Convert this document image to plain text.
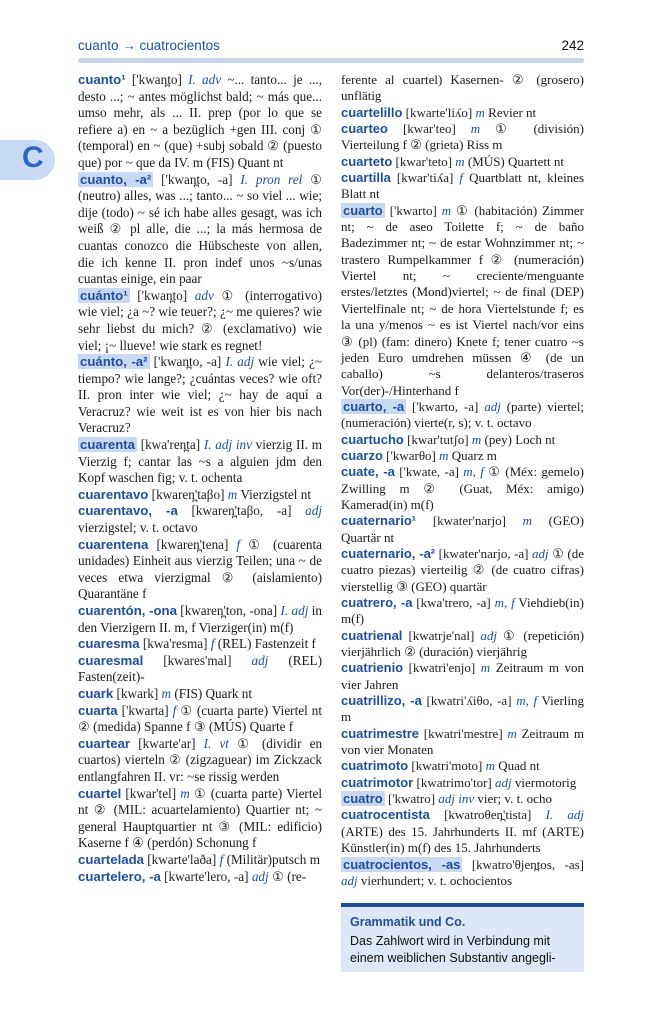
cuanto → cuatrocientos	242
C

cuanto¹ ['kwan̪to] I. adv ~... tanto... je ..., desto ...; ~ antes möglichst bald; ~ más que... umso mehr, als ... II. prep (por lo que se refiere a) en ~ a bezüglich +gen III. conj ① (temporal) en ~ (que) +subj sobald ② (puesto que) por ~ que da IV. m (FIS) Quant nt

cuanto, -a² ['kwan̪to, -a] I. pron rel ① (neutro) alles, was ...; tanto... ~ so viel ... wie; dije (todo) ~ sé ich habe alles gesagt, was ich weiß ② pl alle, die ...; la más hermosa de cuantas conozco die Hübscheste von allen, die ich kenne II. pron indef unos ~s/unas cuantas einige, ein paar

cuánto¹ ['kwan̪to] adv ① (interrogativo) wie viel; ¿a ~? wie teuer?; ¿~ me quieres? wie sehr liebst du mich? ② (exclamativo) wie viel; ¡~ llueve! wie stark es regnet!

cuánto, -a² ['kwan̪to, -a] I. adj wie viel; ¿~ tiempo? wie lange?; ¿cuántas veces? wie oft? II. pron inter wie viel; ¿~ hay de aquí a Veracruz? wie weit ist es von hier bis nach Veracruz?

cuarenta [kwa'ren̪ta] I. adj inv vierzig II. m Vierzig f; cantar las ~s a alguien jdm den Kopf waschen fig; v. t. ochenta

cuarentavo [kwaren̪'taβo] m Vierzigstel nt

cuarentavo, -a [kwaren̪'taβo, -a] adj vierzigstel; v. t. octavo

cuarentena [kwaren̪'tena] f ① (cuarenta unidades) Einheit aus vierzig Teilen; una ~ de veces etwa vierzigmal ② (aislamiento) Quarantäne f

cuarentón, -ona [kwaren̪'ton, -ona] I. adj in den Vierzigern II. m, f Vierziger(in) m(f)

cuaresma [kwa'resma] f (REL) Fastenzeit f

cuaresmal [kwares'mal] adj (REL) Fasten(zeit)-

cuark [kwark] m (FIS) Quark nt

cuarta ['kwarta] f ① (cuarta parte) Viertel nt ② (medida) Spanne f ③ (MÚS) Quarte f

cuartear [kwarte'ar] I. vt ① (dividir en cuartos) vierteln ② (zigzaguear) im Zickzack entlangfahren II. vr: ~se rissig werden

cuartel [kwar'tel] m ① (cuarta parte) Viertel nt ② (MIL: acuartelamiento) Quartier nt; ~ general Hauptquartier nt ③ (MIL: edificio) Kaserne f ④ (perdón) Schonung f

cuartelada [kwarte'laða] f (Militär)putsch m

cuartelero, -a [kwarte'lero, -a] adj ① (re-

ferente al cuartel) Kasernen- ② (grosero) unflätig

cuartelillo [kwarte'liʎo] m Revier nt

cuarteo [kwar'teo] m ① (división) Vierteilung f ② (grieta) Riss m

cuarteto [kwar'teto] m (MÚS) Quartett nt

cuartilla [kwar'tiʎa] f Quartblatt nt, kleines Blatt nt

cuarto ['kwarto] m ① (habitación) Zimmer nt; ~ de aseo Toilette f; ~ de baño Badezimmer nt; ~ de estar Wohnzimmer nt; ~ trastero Rumpelkammer f ② (numeración) Viertel nt; ~ creciente/menguante erstes/letztes (Mond)viertel; ~ de final (DEP) Viertelfinale nt; ~ de hora Viertelstunde f; es la una y/menos ~ es ist Viertel nach/vor eins ③ (pl) (fam: dinero) Knete f; tener cuatro ~s jeden Euro umdrehen müssen ④ (de un caballo) ~s delanteros/traseros Vor(der)-/Hinterhand f

cuarto, -a ['kwarto, -a] adj (parte) viertel; (numeración) vierte(r, s); v. t. octavo

cuartucho [kwar'tutʃo] m (pey) Loch nt

cuarzo ['kwarθo] m Quarz m

cuate, -a ['kwate, -a] m, f ① (Méx: gemelo) Zwilling m ② (Guat, Méx: amigo) Kamerad(in) m(f)

cuaternario¹ [kwater'narjo] m (GEO) Quartär nt

cuaternario, -a² [kwater'narjo, -a] adj ① (de cuatro piezas) vierteilig ② (de cuatro cifras) vierstellig ③ (GEO) quartär

cuatrero, -a [kwa'trero, -a] m, f Viehdieb(in) m(f)

cuatrienal [kwatrje'nal] adj ① (repetición) vierjährlich ② (duración) vierjährig

cuatrienio [kwatri'enjo] m Zeitraum m von vier Jahren

cuatrillizo, -a [kwatri'ʎiθo, -a] m, f Vierling m

cuatrimestre [kwatri'mestre] m Zeitraum m von vier Monaten

cuatrimoto [kwatri'moto] m Quad nt

cuatrimotor [kwatrimo'tor] adj viermotorig

cuatro ['kwatro] adj inv vier; v. t. ocho

cuatrocentista [kwatroθen̪'tista] I. adj (ARTE) des 15. Jahrhunderts II. mf (ARTE) Künstler(in) m(f) des 15. Jahrhunderts

cuatrocientos, -as [kwatro'θjen̪tos, -as] adj vierhundert; v. t. ochocientos

Grammatik und Co.
Das Zahlwort wird in Verbindung mit einem weiblichen Substantiv angegli-
